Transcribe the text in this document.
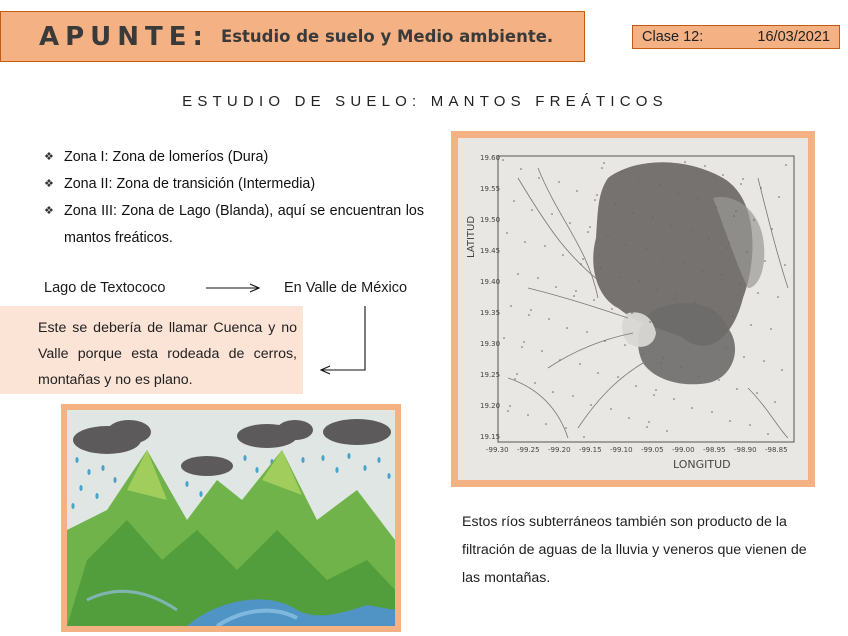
APUNTE: Estudio de suelo y Medio ambiente.	Clase 12:	16/03/2021
ESTUDIO DE SUELO: MANTOS FREÁTICOS
❖ Zona I: Zona de lomeríos (Dura)
❖ Zona II: Zona de transición (Intermedia)
❖ Zona III: Zona de Lago (Blanda), aquí se encuentran los mantos freáticos.
Lago de Textococo	En Valle de México
Este se debería de llamar Cuenca y no Valle porque esta rodeada de cerros, montañas y no es plano.
19.60
19.55
19.50
19.45
19.40
19.35
19.30
19.25
19.20
19.15
-99.30 -99.25 -99.20 -99.15 -99.10 -99.05 -99.00 -98.95 -98.90 -98.85
LATITUD
LONGITUD
Estos ríos subterráneos también son producto de la filtración de aguas de la lluvia y veneros que vienen de las montañas.
